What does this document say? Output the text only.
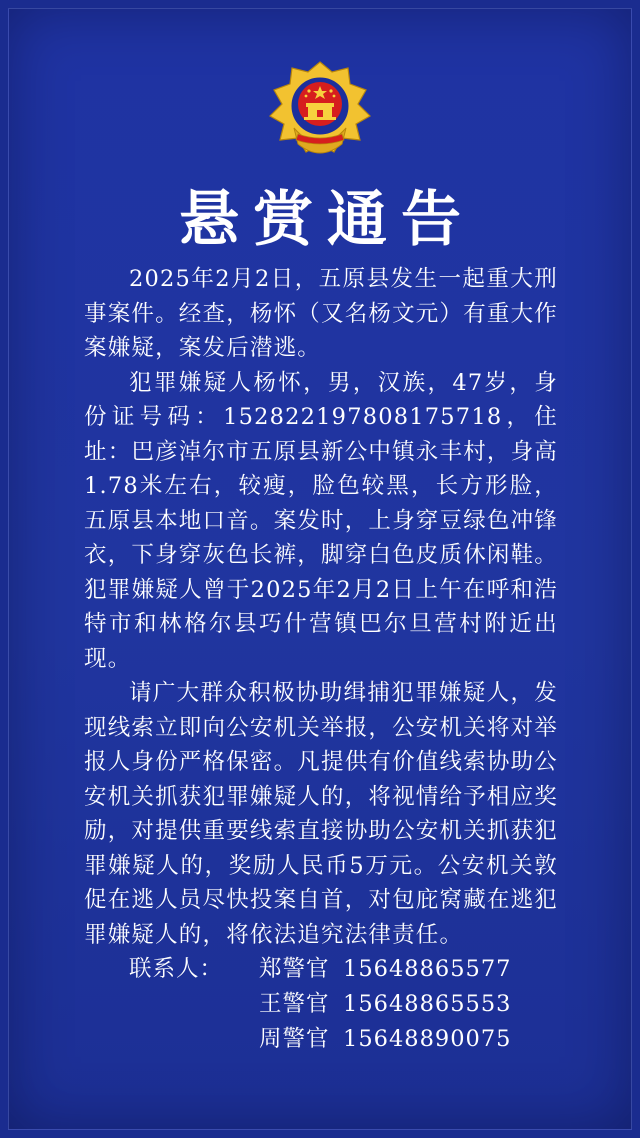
悬赏通告

2025年2月2日，五原县发生一起重大刑事案件。经查，杨怀（又名杨文元）有重大作案嫌疑，案发后潜逃。

犯罪嫌疑人杨怀，男，汉族，47岁，身份证号码：152822197808175718，住址：巴彦淖尔市五原县新公中镇永丰村，身高1.78米左右，较瘦，脸色较黑，长方形脸，五原县本地口音。案发时，上身穿豆绿色冲锋衣，下身穿灰色长裤，脚穿白色皮质休闲鞋。犯罪嫌疑人曾于2025年2月2日上午在呼和浩特市和林格尔县巧什营镇巴尔旦营村附近出现。

请广大群众积极协助缉捕犯罪嫌疑人，发现线索立即向公安机关举报，公安机关将对举报人身份严格保密。凡提供有价值线索协助公安机关抓获犯罪嫌疑人的，将视情给予相应奖励，对提供重要线索直接协助公安机关抓获犯罪嫌疑人的，奖励人民币5万元。公安机关敦促在逃人员尽快投案自首，对包庇窝藏在逃犯罪嫌疑人的，将依法追究法律责任。

联系人：	郑警官 15648865577
王警官 15648865553
周警官 15648890075
